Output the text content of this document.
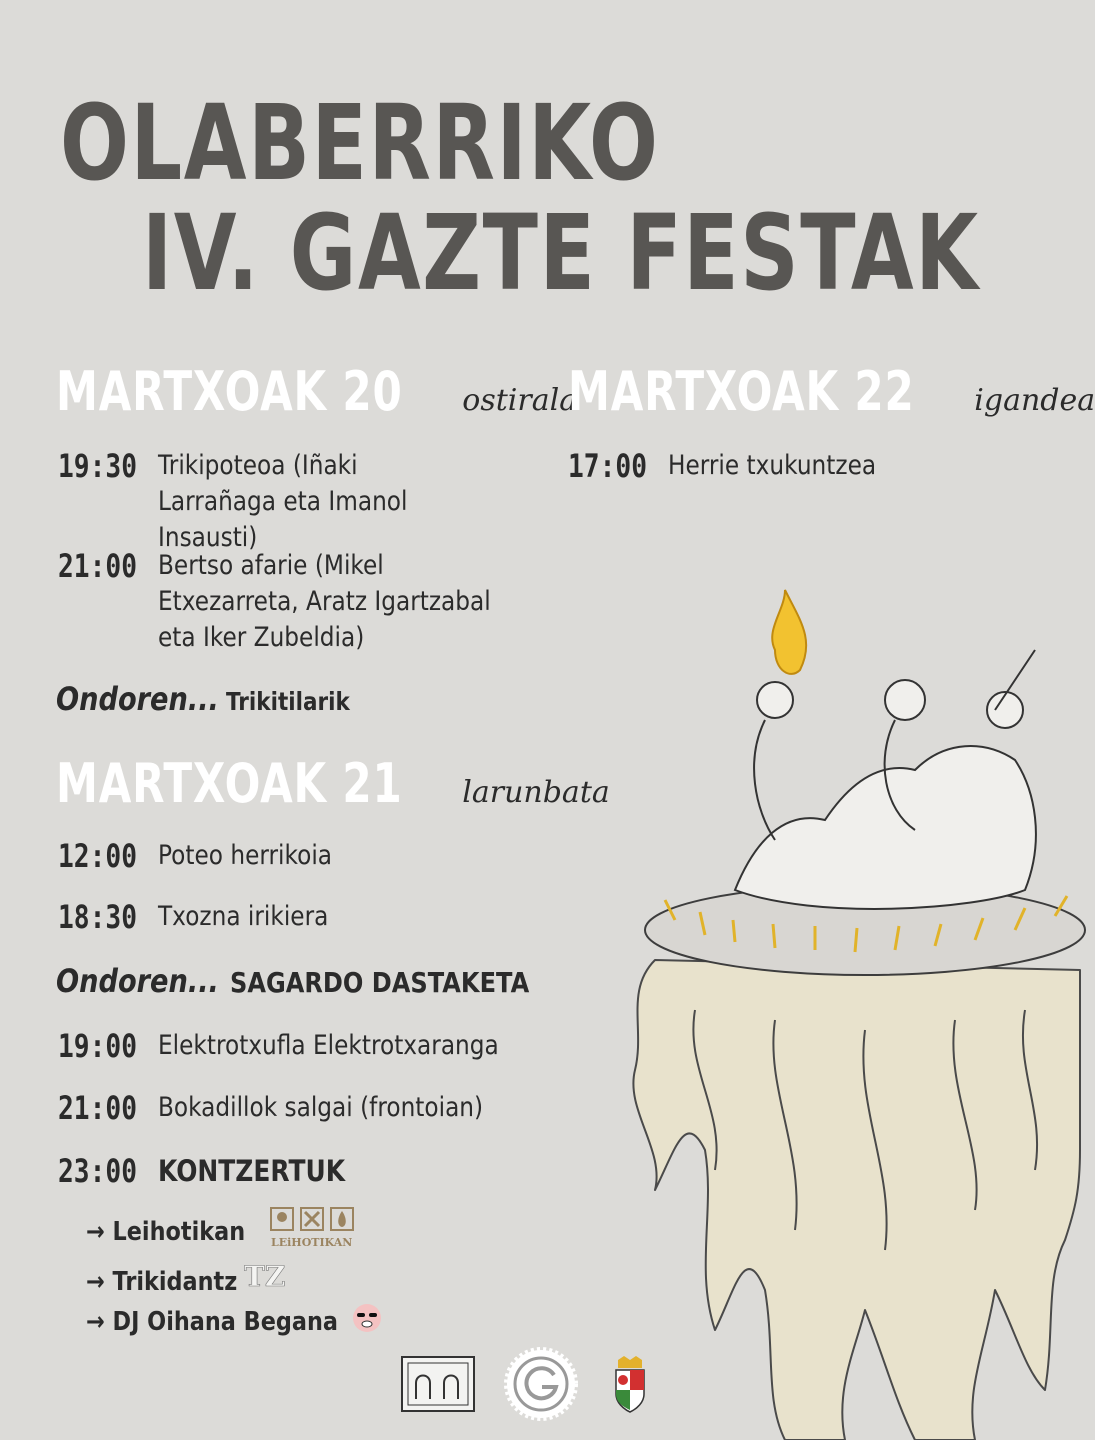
OLABERRIKO
IV. GAZTE FESTAK
MARTXOAK 20 ostirala
19:30 Trikipoteoa (Iñaki Larrañaga eta Imanol Insausti)
21:00 Bertso afarie (Mikel Etxezarreta, Aratz Igartzabal eta Iker Zubeldia)
Ondoren... Trikitilarik
MARTXOAK 21 larunbata
12:00 Poteo herrikoia
18:30 Txozna irikiera
Ondoren... SAGARDO DASTAKETA
19:00 Elektrotxufla Elektrotxaranga
21:00 Bokadillok salgai (frontoian)
23:00 KONTZERTUK
→ Leihotikan LEiHOTIKAN
→ Trikidantz TZ
→ DJ Oihana Begana
MARTXOAK 22 igandea
17:00 Herrie txukuntzea
